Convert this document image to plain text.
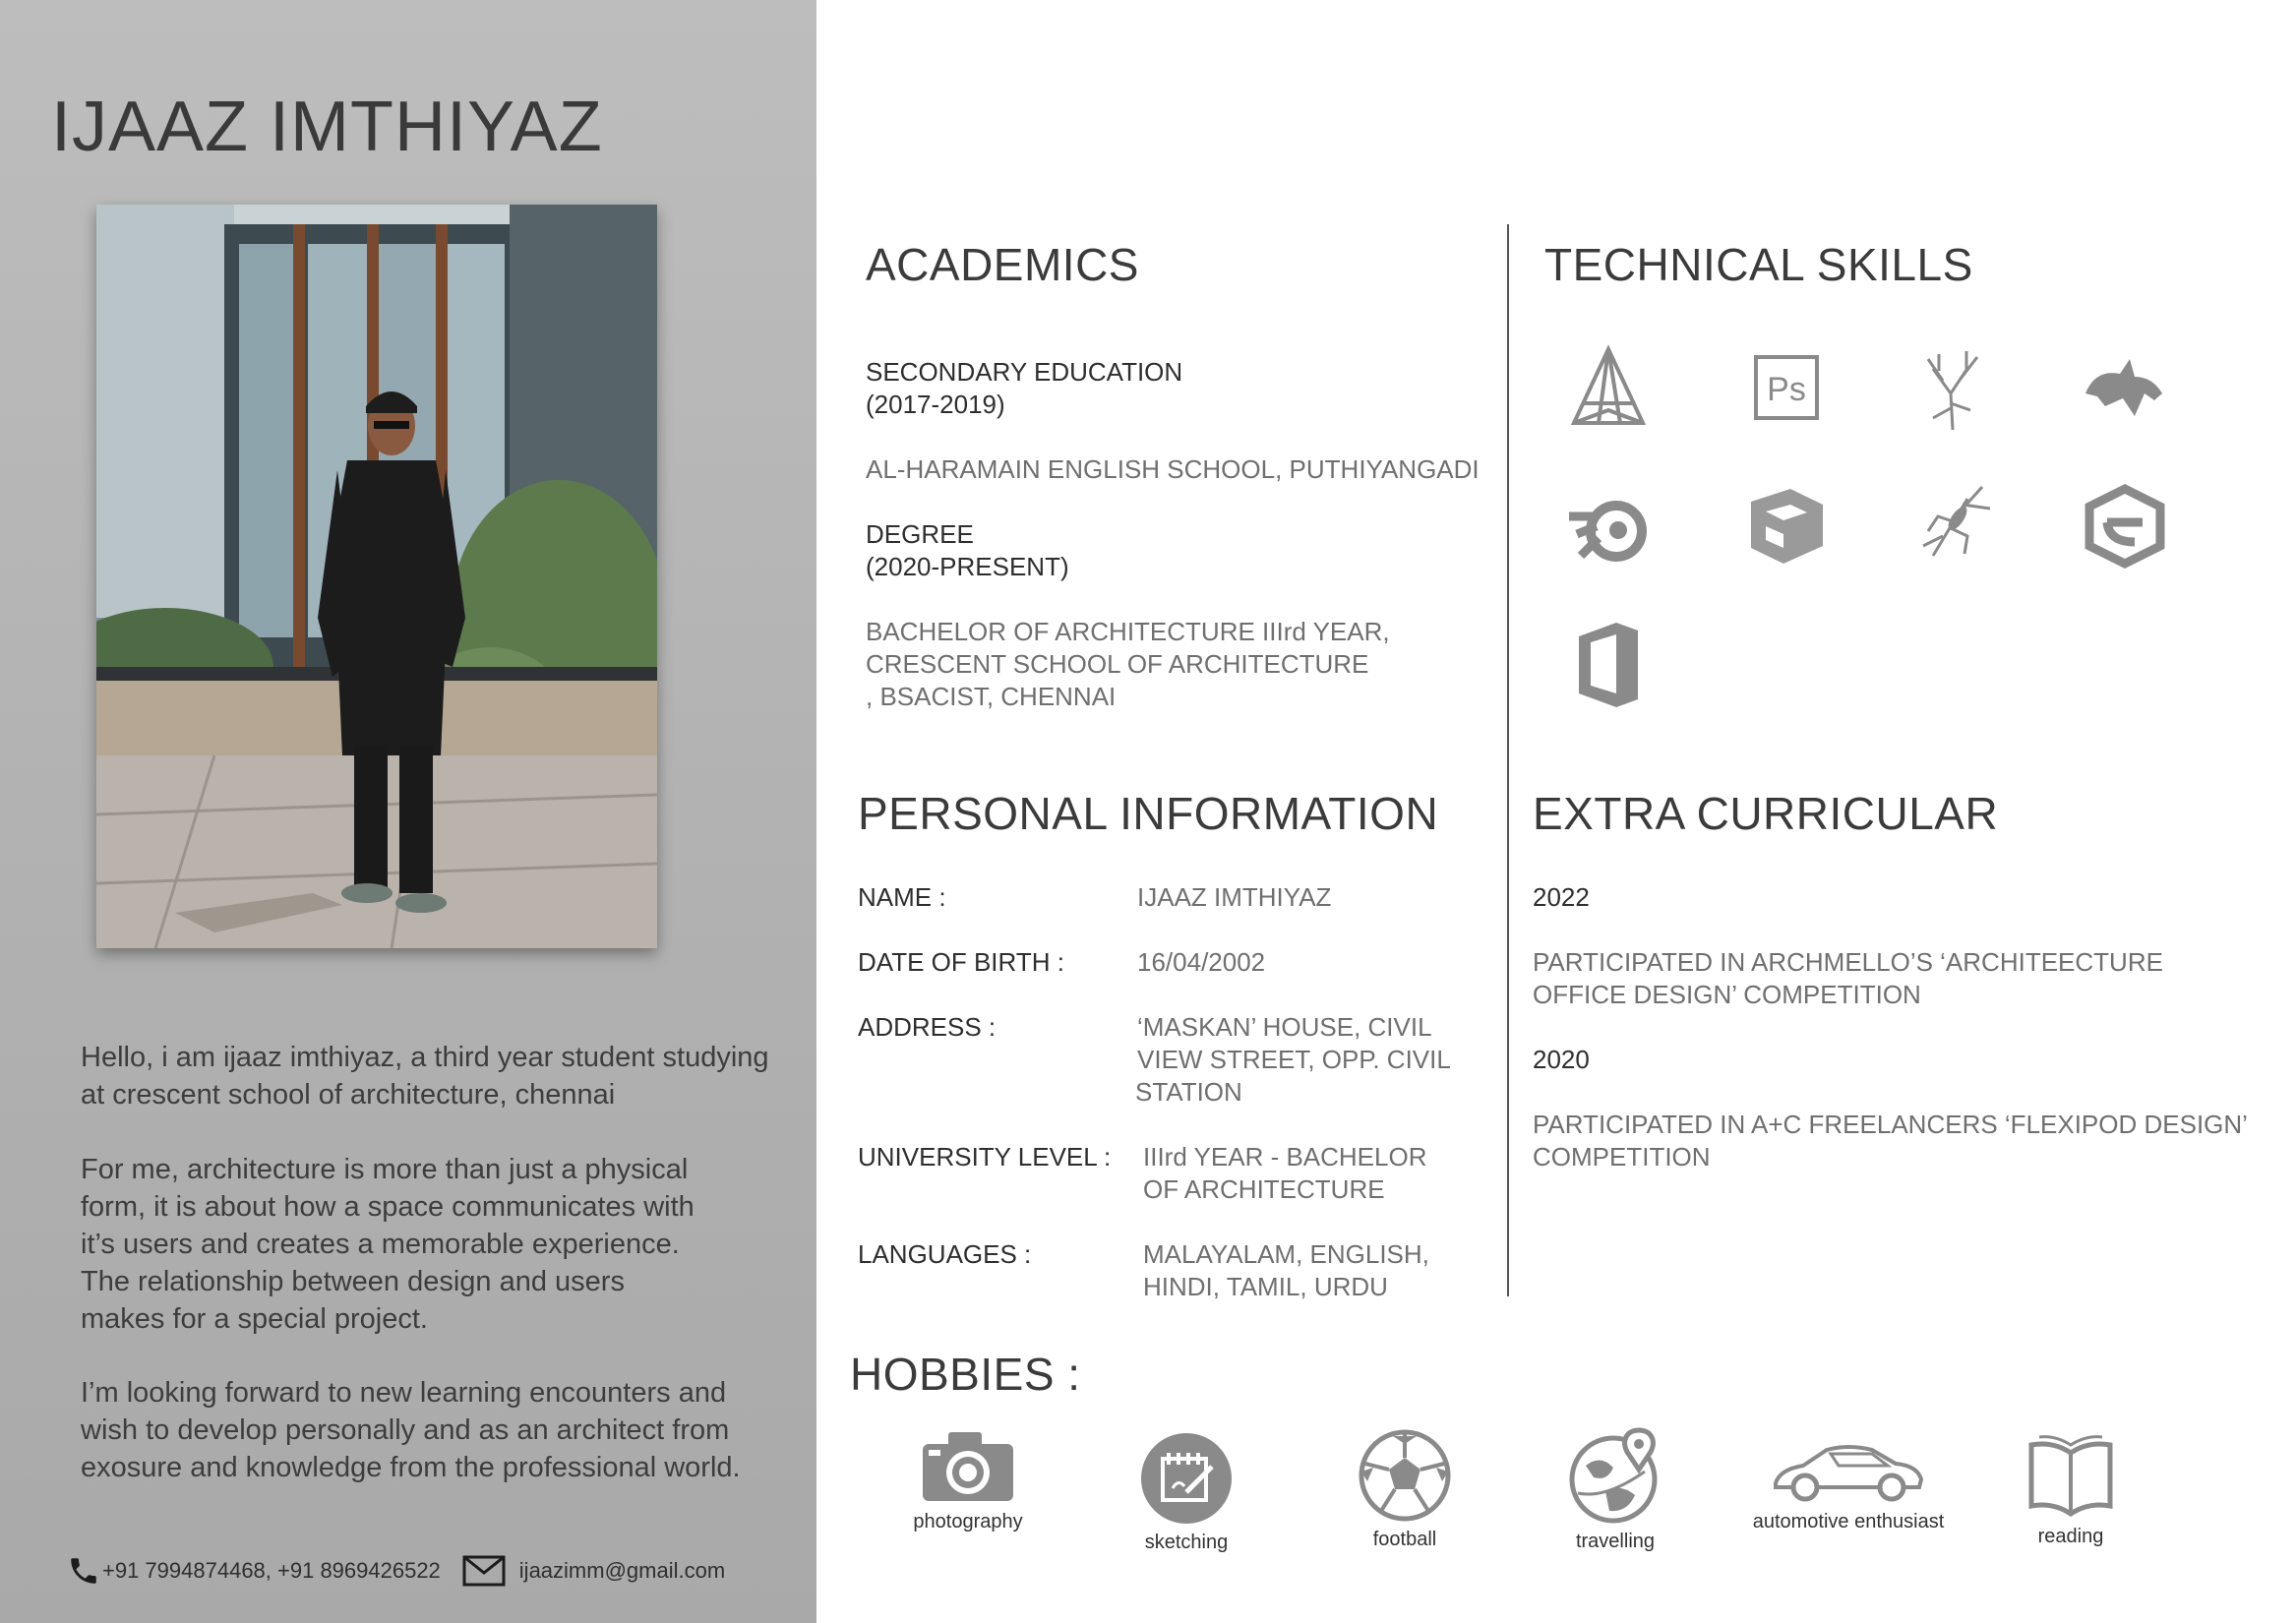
IJAAZ IMTHIYAZ

Hello, i am ijaaz imthiyaz, a third year student studying at crescent school of architecture, chennai

For me, architecture is more than just a physical form, it is about how a space communicates with it’s users and creates a memorable experience. The relationship between design and users makes for a special project.

I’m looking forward to new learning encounters and wish to develop personally and as an architect from exosure and knowledge from the professional world.

+91 7994874468, +91 8969426522	ijaazimm@gmail.com
ACADEMICS
SECONDARY EDUCATION
(2017-2019)
AL-HARAMAIN ENGLISH SCHOOL, PUTHIYANGADI
DEGREE
(2020-PRESENT)
BACHELOR OF ARCHITECTURE IIIrd YEAR,
CRESCENT SCHOOL OF ARCHITECTURE
, BSACIST, CHENNAI
TECHNICAL SKILLS
Ps
PERSONAL INFORMATION
NAME :	IJAAZ IMTHIYAZ
DATE OF BIRTH :	16/04/2002
ADDRESS :	‘MASKAN’ HOUSE, CIVIL
VIEW STREET, OPP. CIVIL
STATION
UNIVERSITY LEVEL : IIIrd YEAR - BACHELOR
OF ARCHITECTURE
LANGUAGES :	MALAYALAM, ENGLISH,
HINDI, TAMIL, URDU
EXTRA CURRICULAR
2022
PARTICIPATED IN ARCHMELLO’S ‘ARCHITEECTURE
OFFICE DESIGN’ COMPETITION
2020
PARTICIPATED IN A+C FREELANCERS ‘FLEXIPOD DESIGN’
COMPETITION
HOBBIES :
photography
sketching	football	travelling
automotive enthusiast
reading
